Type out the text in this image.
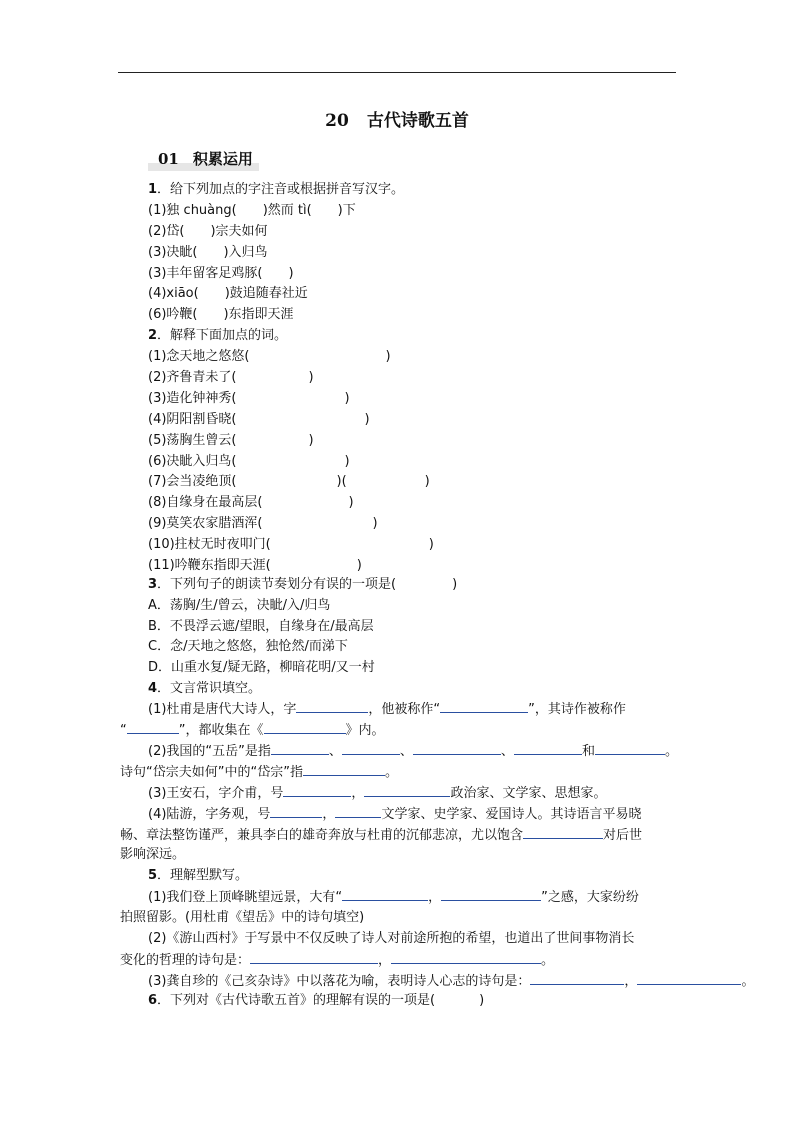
20 古代诗歌五首
01 积累运用
1．给下列加点的字注音或根据拼音写汉字。
(1)独 chuàng(　　)然而 tì(　　)下
(2)岱(　　)宗夫如何
(3)决眦(　　)入归鸟
(3)丰年留客足鸡豚(　　)
(4)xiāo(　　)鼓追随春社近
(6)吟鞭(　　)东指即天涯
2．解释下面加点的词。
(1)念天地之悠悠(	)
(2)齐鲁青未了(	)
(3)造化钟神秀(	)
(4)阴阳割昏晓(	)
(5)荡胸生曾云(	)
(6)决眦入归鸟(	)
(7)会当凌绝顶(	)(	)
(8)自缘身在最高层(	)
(9)莫笑农家腊酒浑(	)
(10)拄杖无时夜叩门(	)
(11)吟鞭东指即天涯(	)
3．下列句子的朗读节奏划分有误的一项是(	)
A．荡胸/生/曾云，决眦/入/归鸟
B．不畏浮云遮/望眼，自缘身在/最高层
C．念/天地之悠悠，独怆然/而涕下
D．山重水复/疑无路，柳暗花明/又一村
4．文言常识填空。
(1)杜甫是唐代大诗人，字	，他被称作“	”，其诗作被称作
“	”，都收集在《	》内。
(2)我国的“五岳”是指	、	、	、	和	。
诗句“岱宗夫如何”中的“岱宗”指	。
(3)王安石，字介甫，号	，	政治家、文学家、思想家。
(4)陆游，字务观，号	，	文学家、史学家、爱国诗人。其诗语言平易晓
畅、章法整饬谨严，兼具李白的雄奇奔放与杜甫的沉郁悲凉，尤以饱含	对后世
影响深远。
5．理解型默写。
(1)我们登上顶峰眺望远景，大有“	，	”之感，大家纷纷
拍照留影。(用杜甫《望岳》中的诗句填空)
(2)《游山西村》于写景中不仅反映了诗人对前途所抱的希望，也道出了世间事物消长
变化的哲理的诗句是：	，	。
(3)龚自珍的《己亥杂诗》中以落花为喻，表明诗人心志的诗句是：	，	。
6．下列对《古代诗歌五首》的理解有误的一项是(	)
